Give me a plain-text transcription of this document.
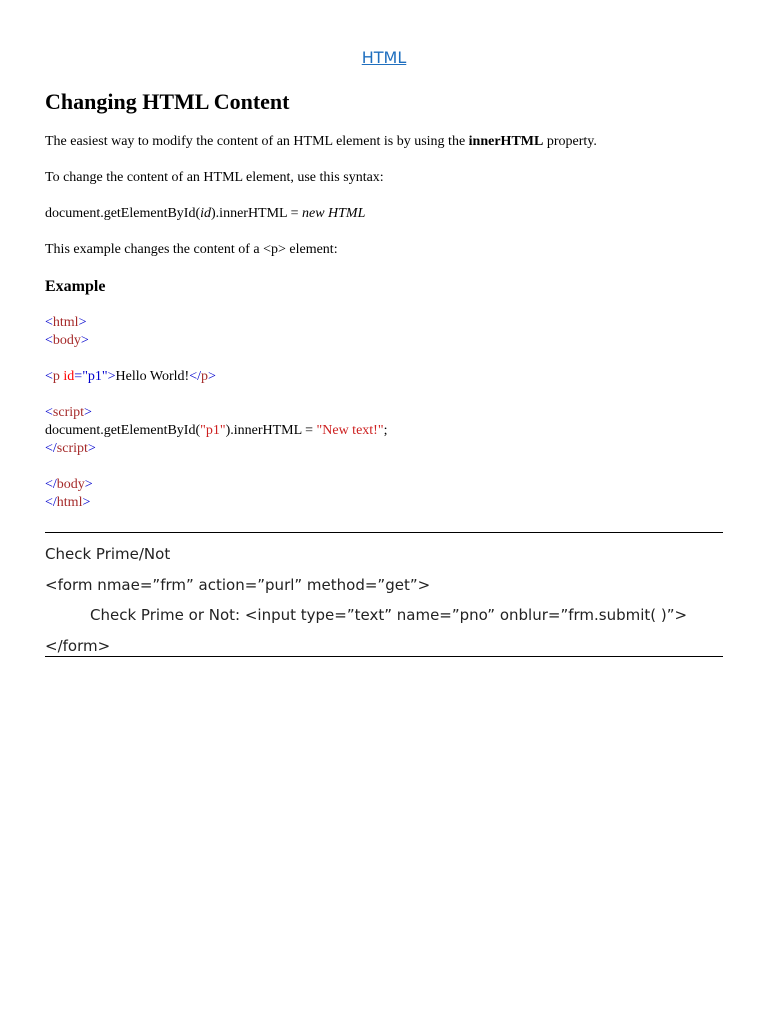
HTML
Changing HTML Content
The easiest way to modify the content of an HTML element is by using the innerHTML property.
To change the content of an HTML element, use this syntax:
document.getElementById(id).innerHTML = new HTML
This example changes the content of a <p> element:
Example
<html>
<body>
<p id="p1">Hello World!</p>
<script>
document.getElementById("p1").innerHTML = "New text!";
</script>
</body>
</html>
Check Prime/Not
<form nmae=”frm” action=”purl” method=”get”>
Check Prime or Not: <input type=”text” name=”pno” onblur=”frm.submit( )”>
</form>
